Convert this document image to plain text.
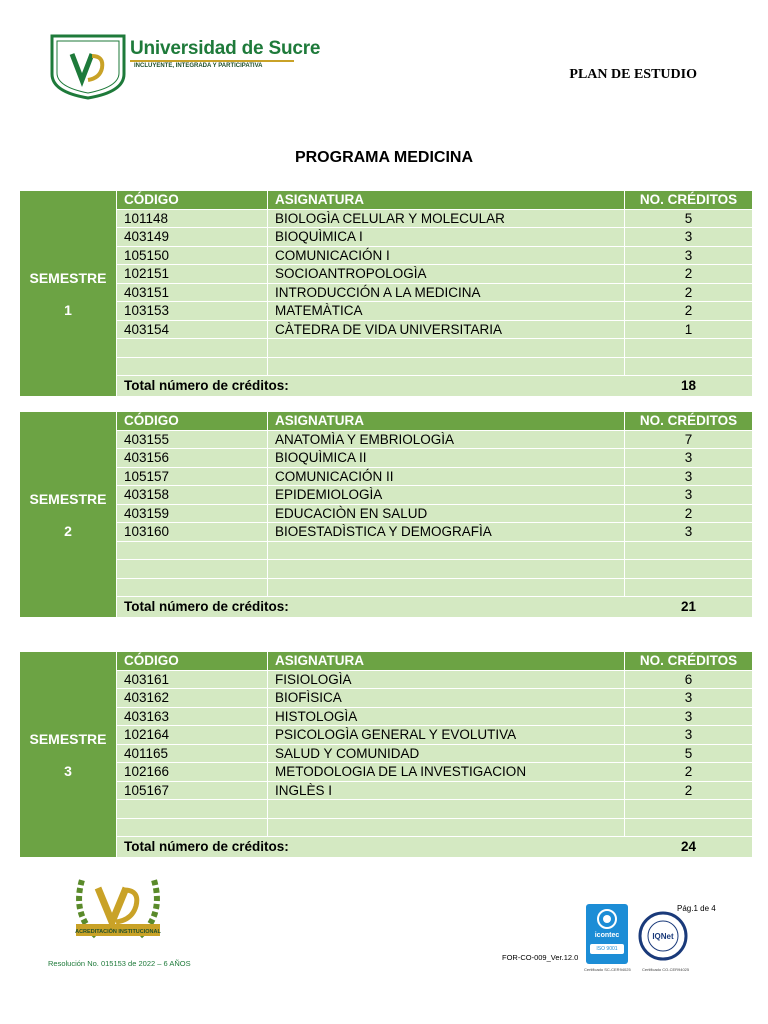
Universidad de Sucre
INCLUYENTE, INTEGRADA Y PARTICIPATIVA
PLAN DE ESTUDIO
PROGRAMA MEDICINA
SEMESTRE
1
CÓDIGO	ASIGNATURA	NO. CRÉDITOS
101148	BIOLOGÌA CELULAR Y MOLECULAR	5
403149	BIOQUÌMICA I	3
105150	COMUNICACIÓN I	3
102151	SOCIOANTROPOLOGÌA	2
403151	INTRODUCCIÓN A LA MEDICINA	2
103153	MATEMÀTICA	2
403154	CÀTEDRA DE VIDA UNIVERSITARIA	1
Total número de créditos:	18
SEMESTRE
2
CÓDIGO	ASIGNATURA	NO. CRÉDITOS
403155	ANATOMÌA Y EMBRIOLOGÌA	7
403156	BIOQUÌMICA II	3
105157	COMUNICACIÓN II	3
403158	EPIDEMIOLOGÌA	3
403159	EDUCACIÒN EN SALUD	2
103160	BIOESTADÌSTICA Y DEMOGRAFÌA	3
Total número de créditos:	21
SEMESTRE
3
CÓDIGO	ASIGNATURA	NO. CRÉDITOS
403161	FISIOLOGÌA	6
403162	BIOFÌSICA	3
403163	HISTOLOGÌA	3
102164	PSICOLOGÌA GENERAL Y EVOLUTIVA	3
401165	SALUD Y COMUNIDAD	5
102166	METODOLOGIA DE LA INVESTIGACION	2
105167	INGLÈS I	2
Total número de créditos:	24
ACREDITACIÓN INSTITUCIONAL
Resolución No. 015153 de 2022 – 6 AÑOS
FOR-CO-009_Ver.12.0
Pág.1 de 4
icontec
ISO 9001
IQNet
Certificado SC-CER94025	Certificado CO-CER94025
